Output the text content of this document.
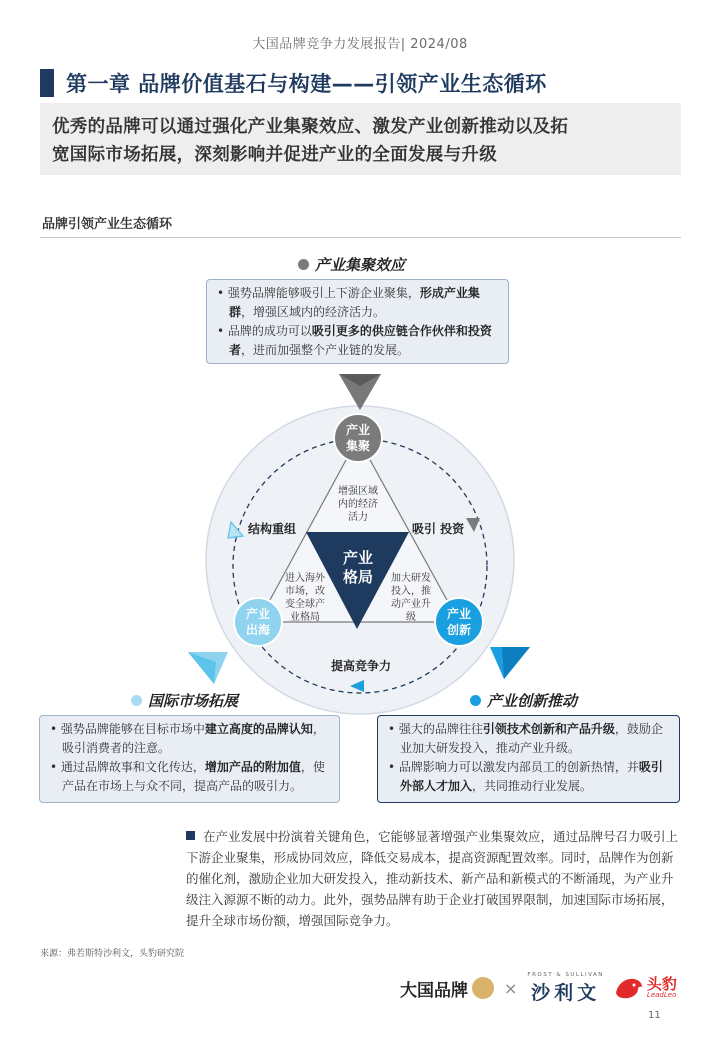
大国品牌竞争力发展报告| 2024/08
第一章 品牌价值基石与构建——引领产业生态循环
优秀的品牌可以通过强化产业集聚效应、激发产业创新推动以及拓
宽国际市场拓展，深刻影响并促进产业的全面发展与升级
品牌引领产业生态循环
产业集聚效应
• 强势品牌能够吸引上下游企业聚集，形成产业集群，增强区域内的经济活力。
• 品牌的成功可以吸引更多的供应链合作伙伴和投资者，进而加强整个产业链的发展。
产业
集聚
产业
出海
产业
创新
产业
格局
增强区域
内的经济
活力
进入海外
市场，改
变全球产
业格局
加大研发
投入，推
动产业升
级
结构重组	吸引 投资
提高竞争力
国际市场拓展	产业创新推动
• 强势品牌能够在目标市场中建立高度的品牌认知，吸引消费者的注意。
• 通过品牌故事和文化传达，增加产品的附加值，使产品在市场上与众不同，提高产品的吸引力。
• 强大的品牌往往引领技术创新和产品升级，鼓励企业加大研发投入，推动产业升级。
• 品牌影响力可以激发内部员工的创新热情，并吸引外部人才加入，共同推动行业发展。
在产业发展中扮演着关键角色，它能够显著增强产业集聚效应，通过品牌号召力吸引上下游企业聚集，形成协同效应，降低交易成本，提高资源配置效率。同时，品牌作为创新的催化剂，激励企业加大研发投入，推动新技术、新产品和新模式的不断涌现，为产业升级注入源源不断的动力。此外，强势品牌有助于企业打破国界限制，加速国际市场拓展，提升全球市场份额，增强国际竞争力。
来源：弗若斯特沙利文，头豹研究院
大国品牌 ×
FROST & SULLIVAN
沙利文	头豹
LeadLeo
11
